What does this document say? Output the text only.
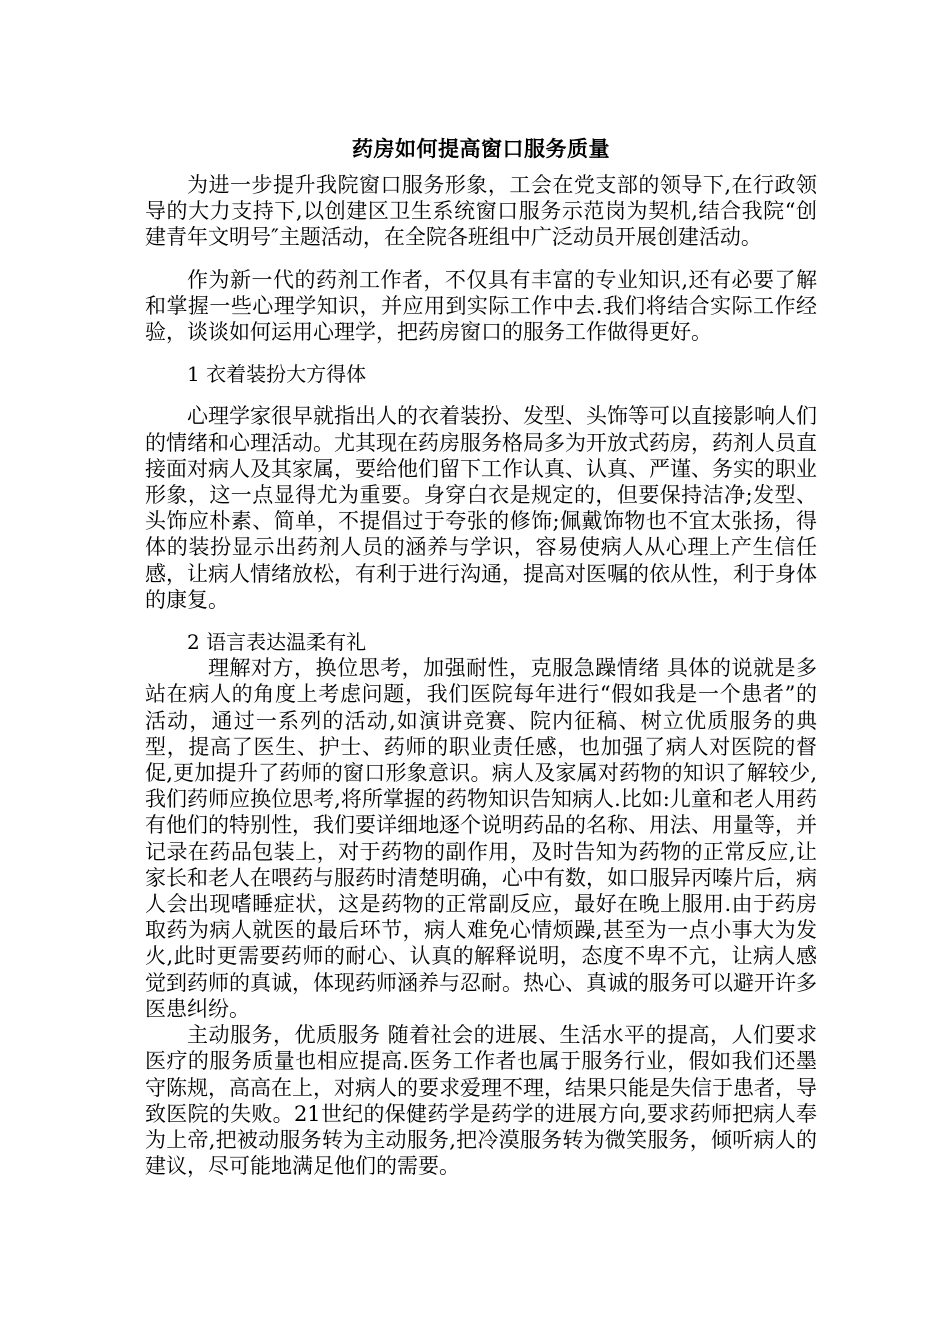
药房如何提高窗口服务质量

为进一步提升我院窗口服务形象，工会在党支部的领导下,在行政领导的大力支持下,以创建区卫生系统窗口服务示范岗为契机,结合我院“创建青年文明号″主题活动，在全院各班组中广泛动员开展创建活动。

作为新一代的药剂工作者，不仅具有丰富的专业知识,还有必要了解和掌握一些心理学知识，并应用到实际工作中去.我们将结合实际工作经验，谈谈如何运用心理学，把药房窗口的服务工作做得更好。

1 衣着装扮大方得体

心理学家很早就指出人的衣着装扮、发型、头饰等可以直接影响人们的情绪和心理活动。尤其现在药房服务格局多为开放式药房，药剂人员直接面对病人及其家属，要给他们留下工作认真、认真、严谨、务实的职业形象，这一点显得尤为重要。身穿白衣是规定的，但要保持洁净;发型、头饰应朴素、简单，不提倡过于夸张的修饰;佩戴饰物也不宜太张扬，得体的装扮显示出药剂人员的涵养与学识，容易使病人从心理上产生信任感，让病人情绪放松，有利于进行沟通，提高对医嘱的依从性，利于身体的康复。

2 语言表达温柔有礼

理解对方，换位思考，加强耐性，克服急躁情绪 具体的说就是多站在病人的角度上考虑问题，我们医院每年进行“假如我是一个患者”的活动，通过一系列的活动,如演讲竞赛、院内征稿、树立优质服务的典型，提高了医生、护士、药师的职业责任感，也加强了病人对医院的督促,更加提升了药师的窗口形象意识。病人及家属对药物的知识了解较少,我们药师应换位思考,将所掌握的药物知识告知病人.比如:儿童和老人用药有他们的特别性，我们要详细地逐个说明药品的名称、用法、用量等，并记录在药品包装上，对于药物的副作用，及时告知为药物的正常反应,让家长和老人在喂药与服药时清楚明确，心中有数，如口服异丙嗪片后，病人会出现嗜睡症状，这是药物的正常副反应，最好在晚上服用.由于药房取药为病人就医的最后环节，病人难免心情烦躁,甚至为一点小事大为发火,此时更需要药师的耐心、认真的解释说明，态度不卑不亢，让病人感觉到药师的真诚，体现药师涵养与忍耐。热心、真诚的服务可以避开许多医患纠纷。

主动服务，优质服务 随着社会的进展、生活水平的提高，人们要求医疗的服务质量也相应提高.医务工作者也属于服务行业，假如我们还墨守陈规，高高在上，对病人的要求爱理不理，结果只能是失信于患者，导致医院的失败。21世纪的保健药学是药学的进展方向,要求药师把病人奉为上帝,把被动服务转为主动服务,把冷漠服务转为微笑服务，倾听病人的建议，尽可能地满足他们的需要。
